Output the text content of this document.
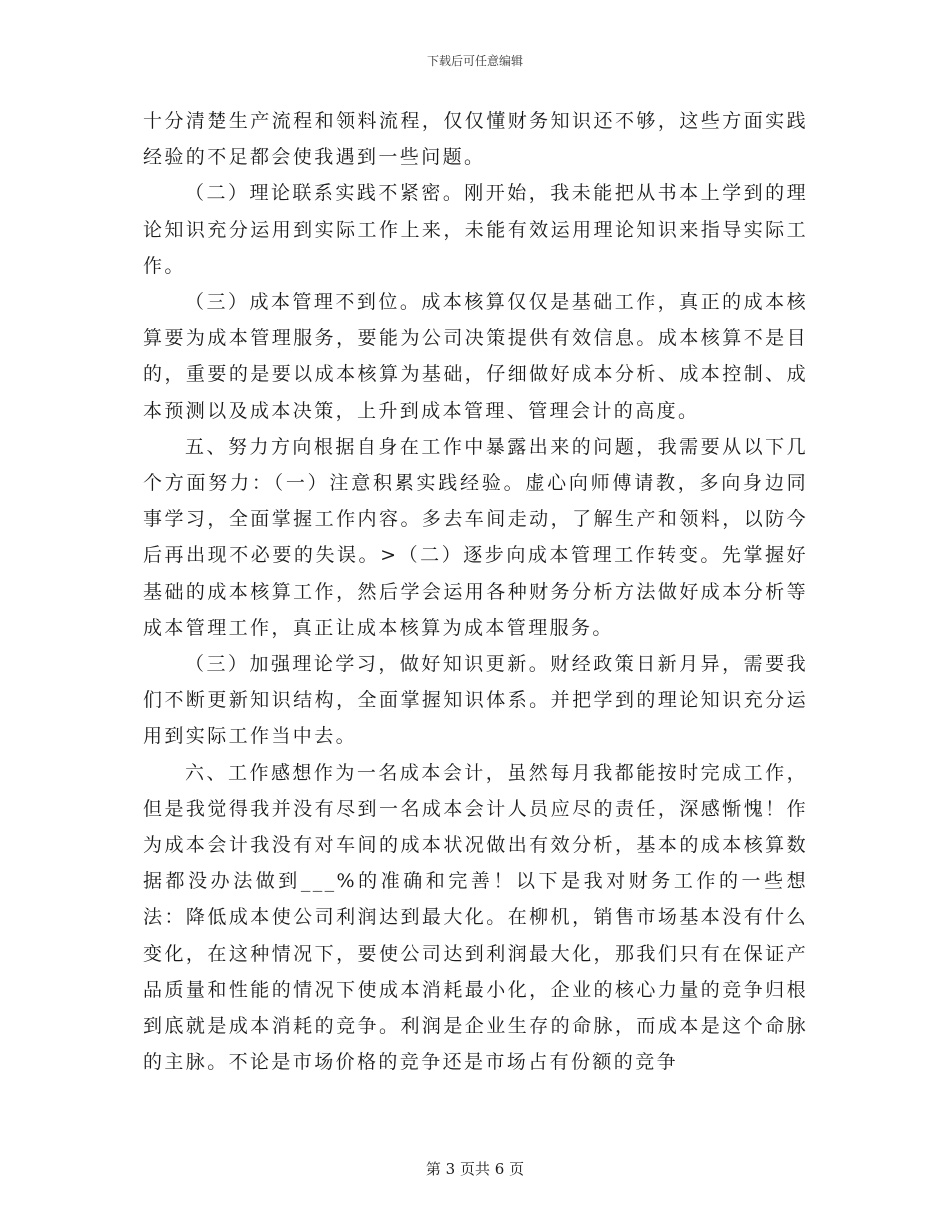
下载后可任意编辑

十分清楚生产流程和领料流程，仅仅懂财务知识还不够，这些方面实践经验的不足都会使我遇到一些问题。

（二）理论联系实践不紧密。刚开始，我未能把从书本上学到的理论知识充分运用到实际工作上来，未能有效运用理论知识来指导实际工作。

（三）成本管理不到位。成本核算仅仅是基础工作，真正的成本核算要为成本管理服务，要能为公司决策提供有效信息。成本核算不是目的，重要的是要以成本核算为基础，仔细做好成本分析、成本控制、成本预测以及成本决策，上升到成本管理、管理会计的高度。

五、努力方向根据自身在工作中暴露出来的问题，我需要从以下几个方面努力：（一）注意积累实践经验。虚心向师傅请教，多向身边同事学习，全面掌握工作内容。多去车间走动，了解生产和领料，以防今后再出现不必要的失误。>（二）逐步向成本管理工作转变。先掌握好基础的成本核算工作，然后学会运用各种财务分析方法做好成本分析等成本管理工作，真正让成本核算为成本管理服务。

（三）加强理论学习，做好知识更新。财经政策日新月异，需要我们不断更新知识结构，全面掌握知识体系。并把学到的理论知识充分运用到实际工作当中去。

六、工作感想作为一名成本会计，虽然每月我都能按时完成工作，但是我觉得我并没有尽到一名成本会计人员应尽的责任，深感惭愧！作为成本会计我没有对车间的成本状况做出有效分析，基本的成本核算数据都没办法做到___%的准确和完善！以下是我对财务工作的一些想法：降低成本使公司利润达到最大化。在柳机，销售市场基本没有什么变化，在这种情况下，要使公司达到利润最大化，那我们只有在保证产品质量和性能的情况下使成本消耗最小化，企业的核心力量的竞争归根到底就是成本消耗的竞争。利润是企业生存的命脉，而成本是这个命脉的主脉。不论是市场价格的竞争还是市场占有份额的竞争

第 3 页共 6 页
